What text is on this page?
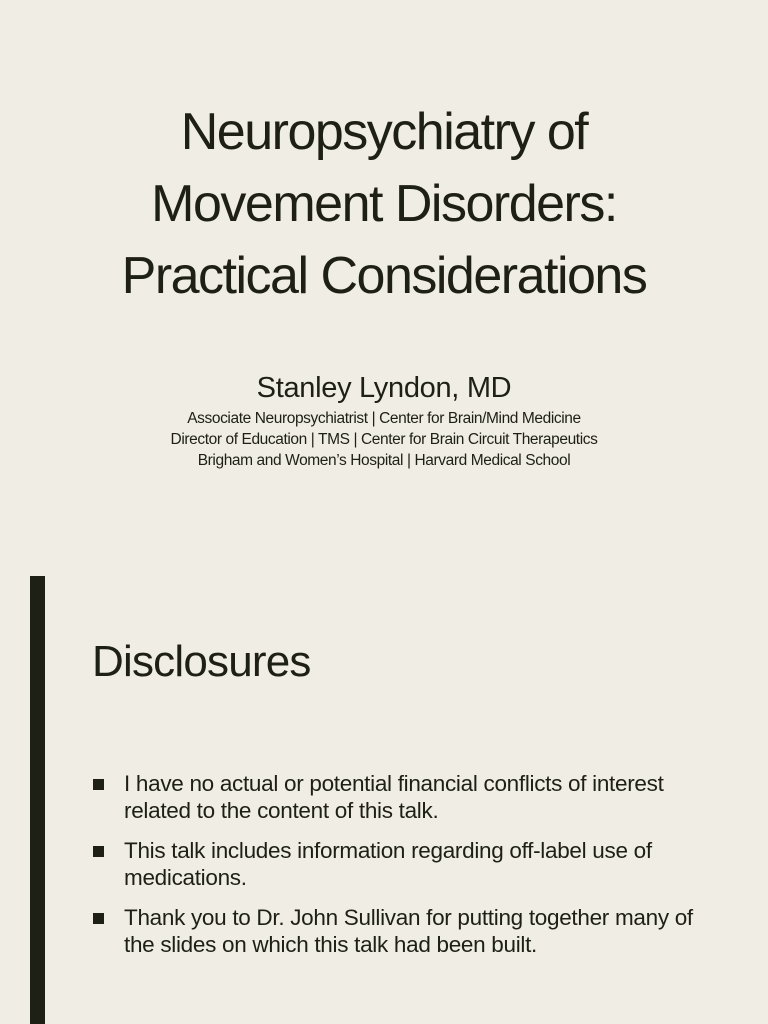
Neuropsychiatry of
Movement Disorders:
Practical Considerations
Stanley Lyndon, MD
Associate Neuropsychiatrist | Center for Brain/Mind Medicine
Director of Education | TMS | Center for Brain Circuit Therapeutics
Brigham and Women’s Hospital | Harvard Medical School
Disclosures
I have no actual or potential financial conflicts of interest related to the content of this talk.
This talk includes information regarding off-label use of medications.
Thank you to Dr. John Sullivan for putting together many of the slides on which this talk had been built.
